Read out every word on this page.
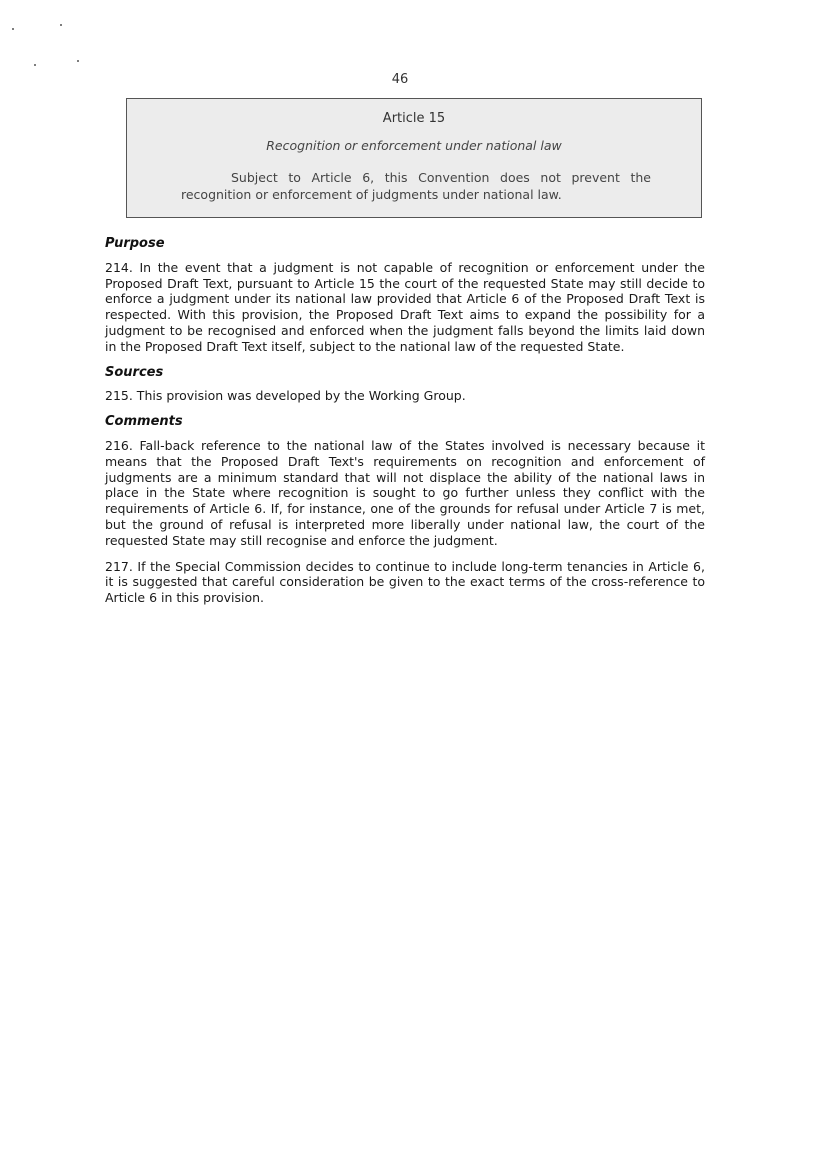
46
Article 15
Recognition or enforcement under national law
Subject to Article 6, this Convention does not prevent the recognition or enforcement of judgments under national law.
Purpose

214. In the event that a judgment is not capable of recognition or enforcement under the Proposed Draft Text, pursuant to Article 15 the court of the requested State may still decide to enforce a judgment under its national law provided that Article 6 of the Proposed Draft Text is respected. With this provision, the Proposed Draft Text aims to expand the possibility for a judgment to be recognised and enforced when the judgment falls beyond the limits laid down in the Proposed Draft Text itself, subject to the national law of the requested State.

Sources

215. This provision was developed by the Working Group.

Comments

216. Fall-back reference to the national law of the States involved is necessary because it means that the Proposed Draft Text's requirements on recognition and enforcement of judgments are a minimum standard that will not displace the ability of the national laws in place in the State where recognition is sought to go further unless they conflict with the requirements of Article 6. If, for instance, one of the grounds for refusal under Article 7 is met, but the ground of refusal is interpreted more liberally under national law, the court of the requested State may still recognise and enforce the judgment.

217. If the Special Commission decides to continue to include long-term tenancies in Article 6, it is suggested that careful consideration be given to the exact terms of the cross-reference to Article 6 in this provision.
